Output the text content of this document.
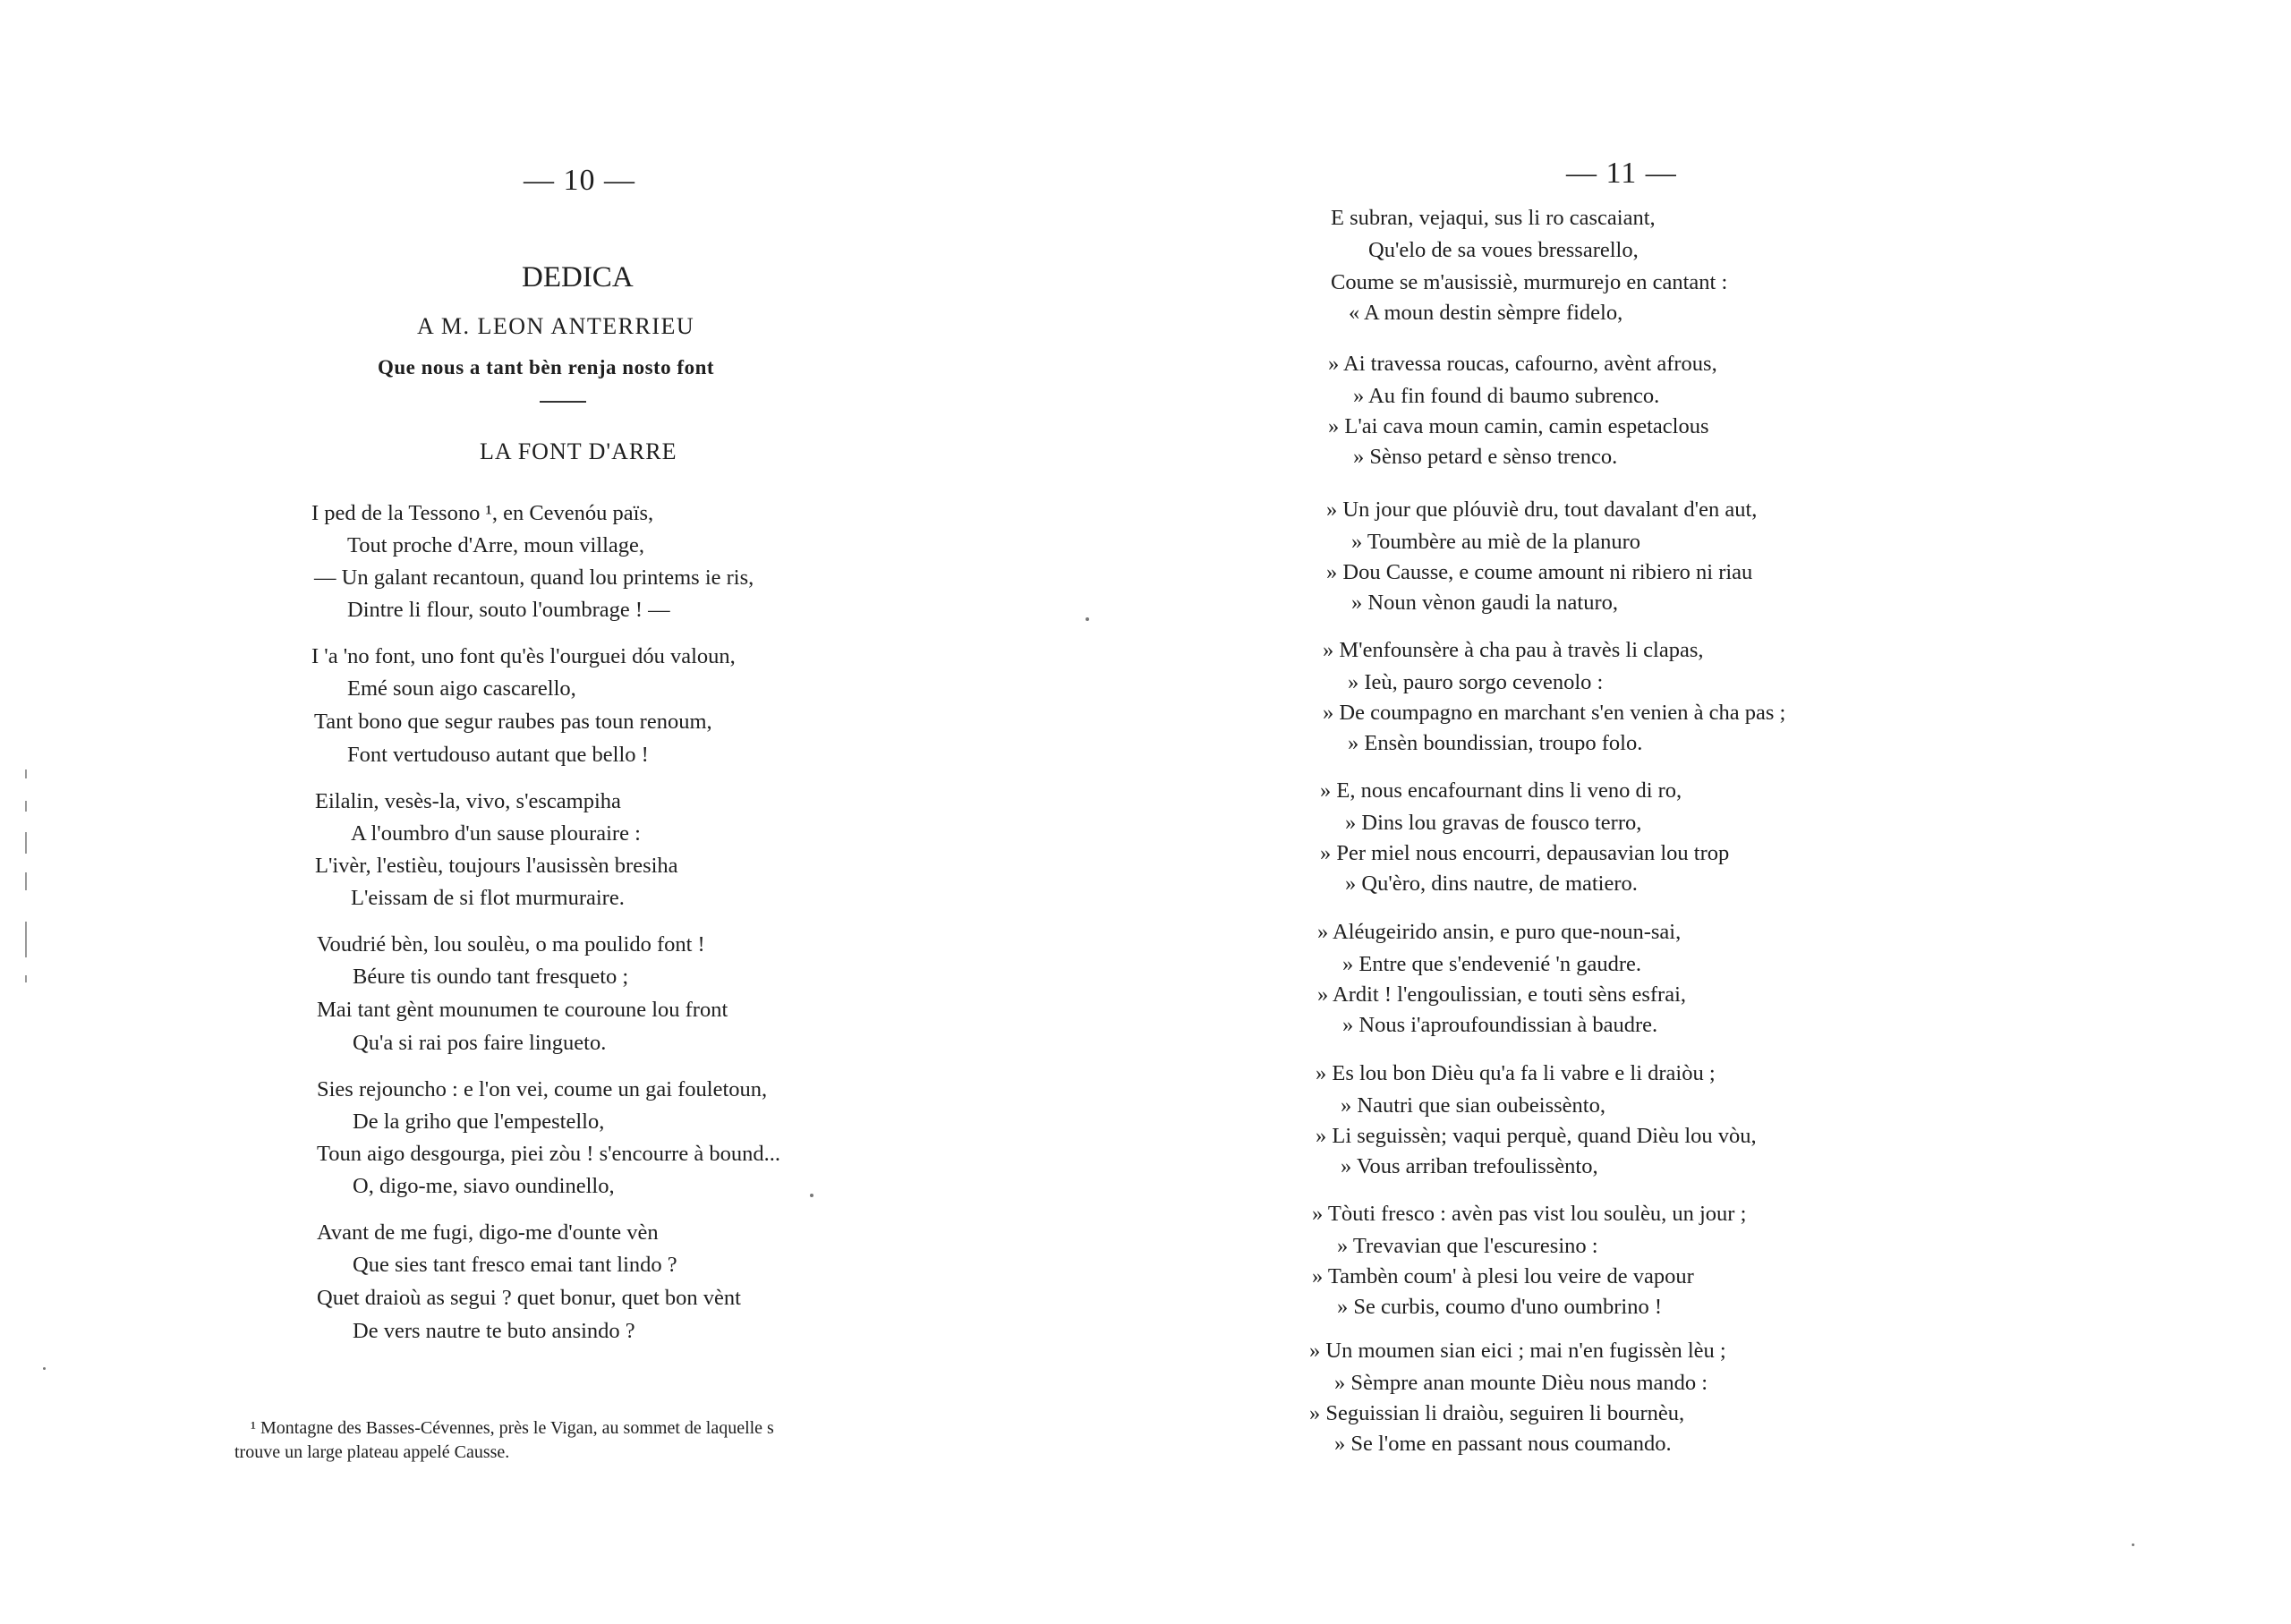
— 10 —
DEDICA
A M. LEON ANTERRIEU
Que nous a tant bèn renja nosto font
LA FONT D'ARRE
I ped de la Tessono ¹, en Cevenóu païs,
Tout proche d'Arre, moun village,
— Un galant recantoun, quand lou printems ie ris,
Dintre li flour, souto l'oumbrage ! —
I 'a 'no font, uno font qu'ès l'ourguei dóu valoun,
Emé soun aigo cascarello,
Tant bono que segur raubes pas toun renoum,
Font vertudouso autant que bello !
Eilalin, vesès-la, vivo, s'escampiha
A l'oumbro d'un sause plouraire :
L'ivèr, l'estièu, toujours l'ausissèn bresiha
L'eissam de si flot murmuraire.
Voudrié bèn, lou soulèu, o ma poulido font !
Béure tis oundo tant fresqueto ;
Mai tant gènt mounumen te couroune lou front
Qu'a si rai pos faire lingueto.
Sies rejouncho : e l'on vei, coume un gai fouletoun,
De la griho que l'empestello,
Toun aigo desgourga, piei zòu ! s'encourre à bound...
O, digo-me, siavo oundinello,
Avant de me fugi, digo-me d'ounte vèn
Que sies tant fresco emai tant lindo ?
Quet draioù as segui ? quet bonur, quet bon vènt
De vers nautre te buto ansindo ?
¹ Montagne des Basses-Cévennes, près le Vigan, au sommet de laquelle s
trouve un large plateau appelé Causse.
— 11 —
E subran, vejaqui, sus li ro cascaiant,
Qu'elo de sa voues bressarello,
Coume se m'ausissiè, murmurejo en cantant :
« A moun destin sèmpre fidelo,
» Ai travessa roucas, cafourno, avènt afrous,
» Au fin found di baumo subrenco.
» L'ai cava moun camin, camin espetaclous
» Sènso petard e sènso trenco.
» Un jour que plóuviè dru, tout davalant d'en aut,
» Toumbère au miè de la planuro
» Dou Causse, e coume amount ni ribiero ni riau
» Noun vènon gaudi la naturo,
» M'enfounsère à cha pau à travès li clapas,
» Ieù, pauro sorgo cevenolo :
» De coumpagno en marchant s'en venien à cha pas ;
» Ensèn boundissian, troupo folo.
» E, nous encafournant dins li veno di ro,
» Dins lou gravas de fousco terro,
» Per miel nous encourri, depausavian lou trop
» Qu'èro, dins nautre, de matiero.
» Aléugeirido ansin, e puro que-noun-sai,
» Entre que s'endevenié 'n gaudre.
» Ardit ! l'engoulissian, e touti sèns esfrai,
» Nous i'aproufoundissian à baudre.
» Es lou bon Dièu qu'a fa li vabre e li draiòu ;
» Nautri que sian oubeissènto,
» Li seguissèn; vaqui perquè, quand Dièu lou vòu,
» Vous arriban trefoulissènto,
» Tòuti fresco : avèn pas vist lou soulèu, un jour ;
» Trevavian que l'escuresino :
» Tambèn coum' à plesi lou veire de vapour
» Se curbis, coumo d'uno oumbrino !
» Un moumen sian eici ; mai n'en fugissèn lèu ;
» Sèmpre anan mounte Dièu nous mando :
» Seguissian li draiòu, seguiren li bournèu,
» Se l'ome en passant nous coumando.
